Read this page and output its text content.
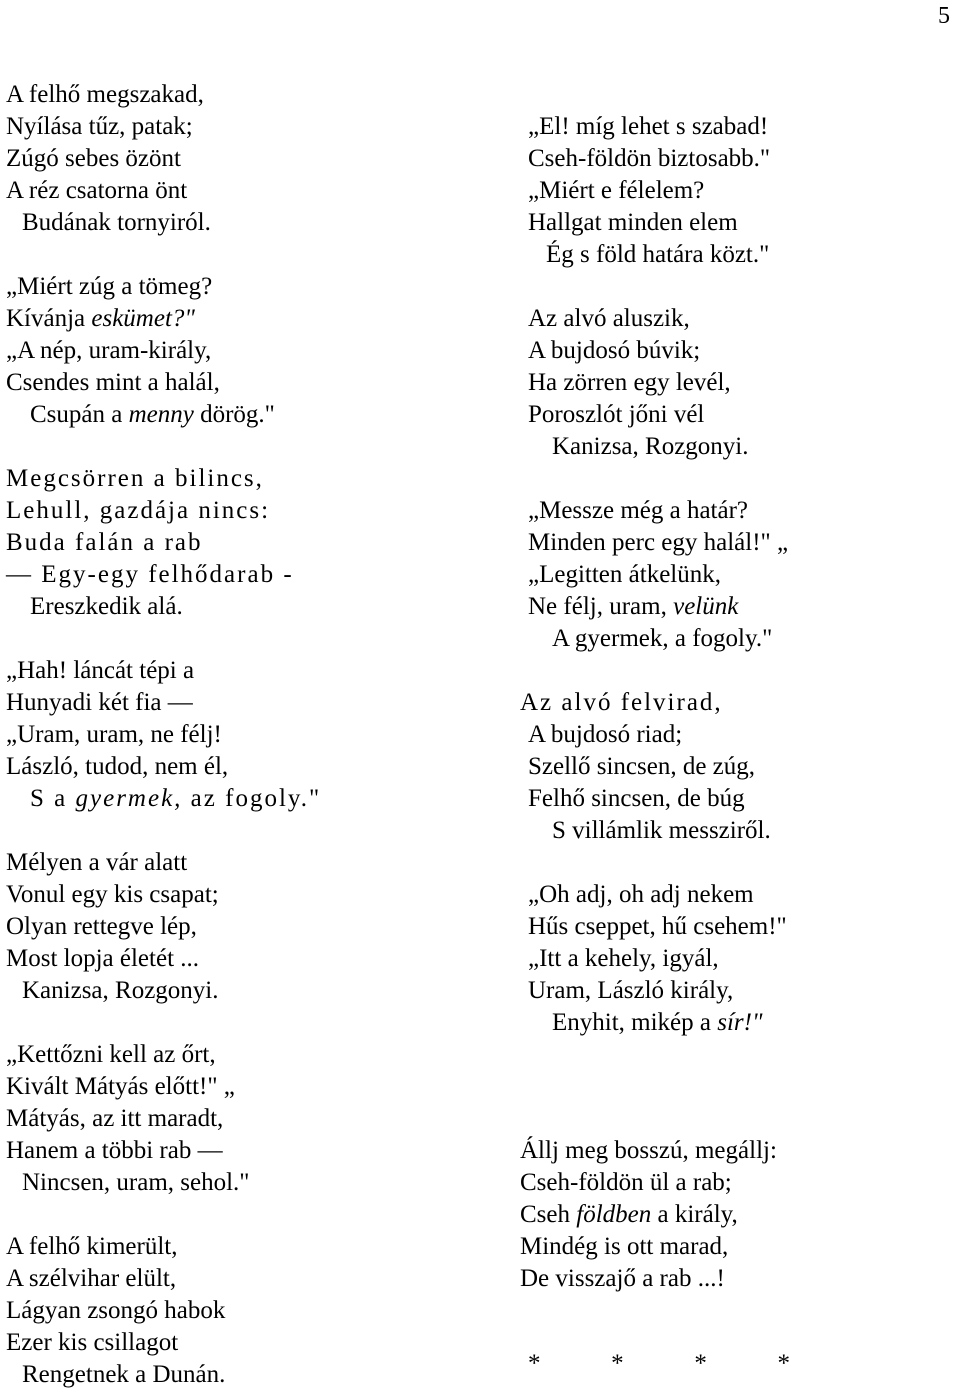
5
A felhő megszakad,
Nyílása tűz, patak;
Zúgó sebes özönt
A réz csatorna önt
Budának tornyiról.
„Miért zúg a tömeg?
Kívánja eskümet?"
„A nép, uram-király,
Csendes mint a halál,
Csupán a menny dörög."
Megcsörren a bilincs,
Lehull, gazdája nincs:
Buda falán a rab
— Egy-egy felhődarab -
Ereszkedik alá.
„Hah! láncát tépi a
Hunyadi két fia —
„Uram, uram, ne félj!
László, tudod, nem él,
S a gyermek, az fogoly."
Mélyen a vár alatt
Vonul egy kis csapat;
Olyan rettegve lép,
Most lopja életét ...
Kanizsa, Rozgonyi.
„Kettőzni kell az őrt,
Kivált Mátyás előtt!" „
Mátyás, az itt maradt,
Hanem a többi rab —
Nincsen, uram, sehol."
A felhő kimerült,
A szélvihar elült,
Lágyan zsongó habok
Ezer kis csillagot
Rengetnek a Dunán.
„El! míg lehet s szabad!
Cseh-földön biztosabb."
„Miért e félelem?
Hallgat minden elem
Ég s föld határa közt."
Az alvó aluszik,
A bujdosó búvik;
Ha zörren egy levél,
Poroszlót jőni vél
Kanizsa, Rozgonyi.
„Messze még a határ?
Minden perc egy halál!" „
„Legitten átkelünk,
Ne félj, uram, velünk
A gyermek, a fogoly."
Az alvó felvirad,
A bujdosó riad;
Szellő sincsen, de zúg,
Felhő sincsen, de búg
S villámlik messziről.
„Oh adj, oh adj nekem
Hűs cseppet, hű csehem!"
„Itt a kehely, igyál,
Uram, László király,
Enyhit, mikép a sír!"
Állj meg bosszú, megállj:
Cseh-földön ül a rab;
Cseh földben a király,
Mindég is ott marad,
De visszajő a rab ...!
*	*	*	*
